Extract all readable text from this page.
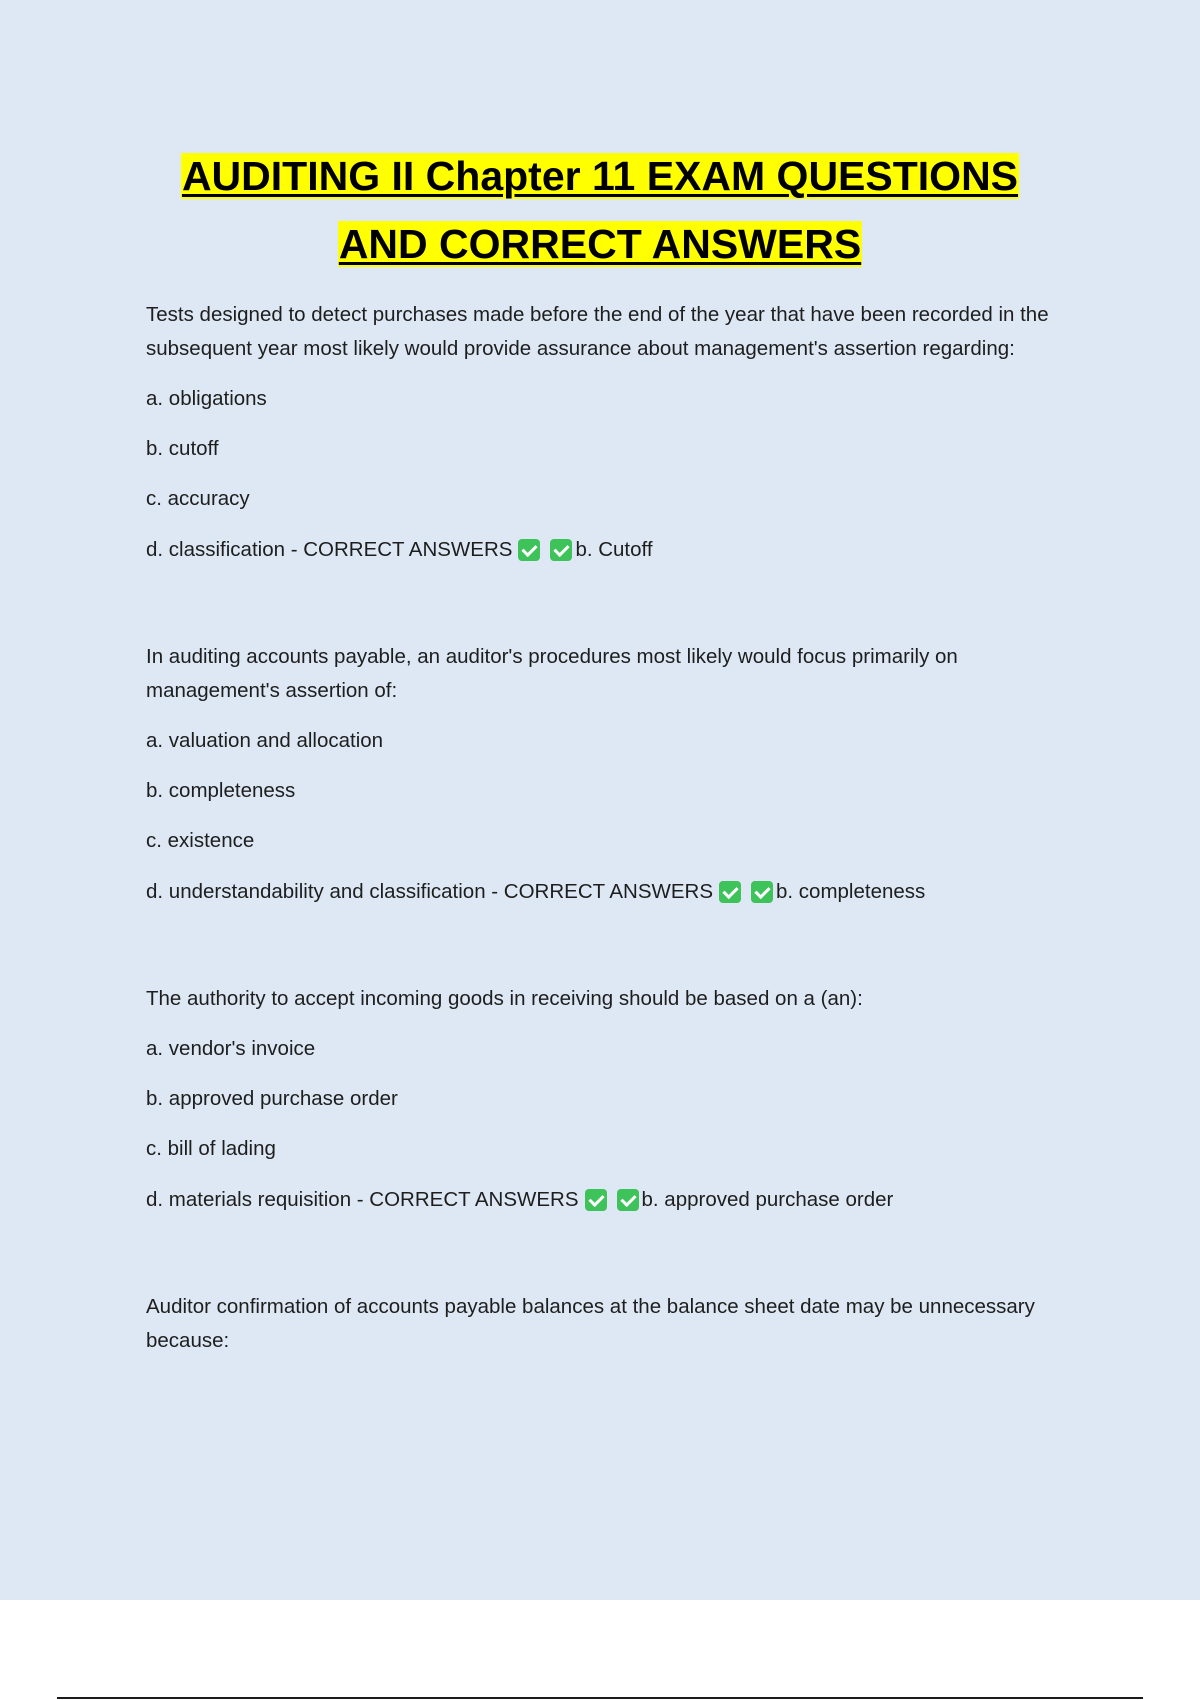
AUDITING II Chapter 11 EXAM QUESTIONS
AND CORRECT ANSWERS

Tests designed to detect purchases made before the end of the year that have been recorded in the subsequent year most likely would provide assurance about management's assertion regarding:

a. obligations

b. cutoff

c. accuracy

d. classification - CORRECT ANSWERS	b. Cutoff

In auditing accounts payable, an auditor's procedures most likely would focus primarily on management's assertion of:

a. valuation and allocation

b. completeness

c. existence

d. understandability and classification - CORRECT ANSWERS	b. completeness

The authority to accept incoming goods in receiving should be based on a (an):

a. vendor's invoice

b. approved purchase order

c. bill of lading

d. materials requisition - CORRECT ANSWERS	b. approved purchase order

Auditor confirmation of accounts payable balances at the balance sheet date may be unnecessary because:
